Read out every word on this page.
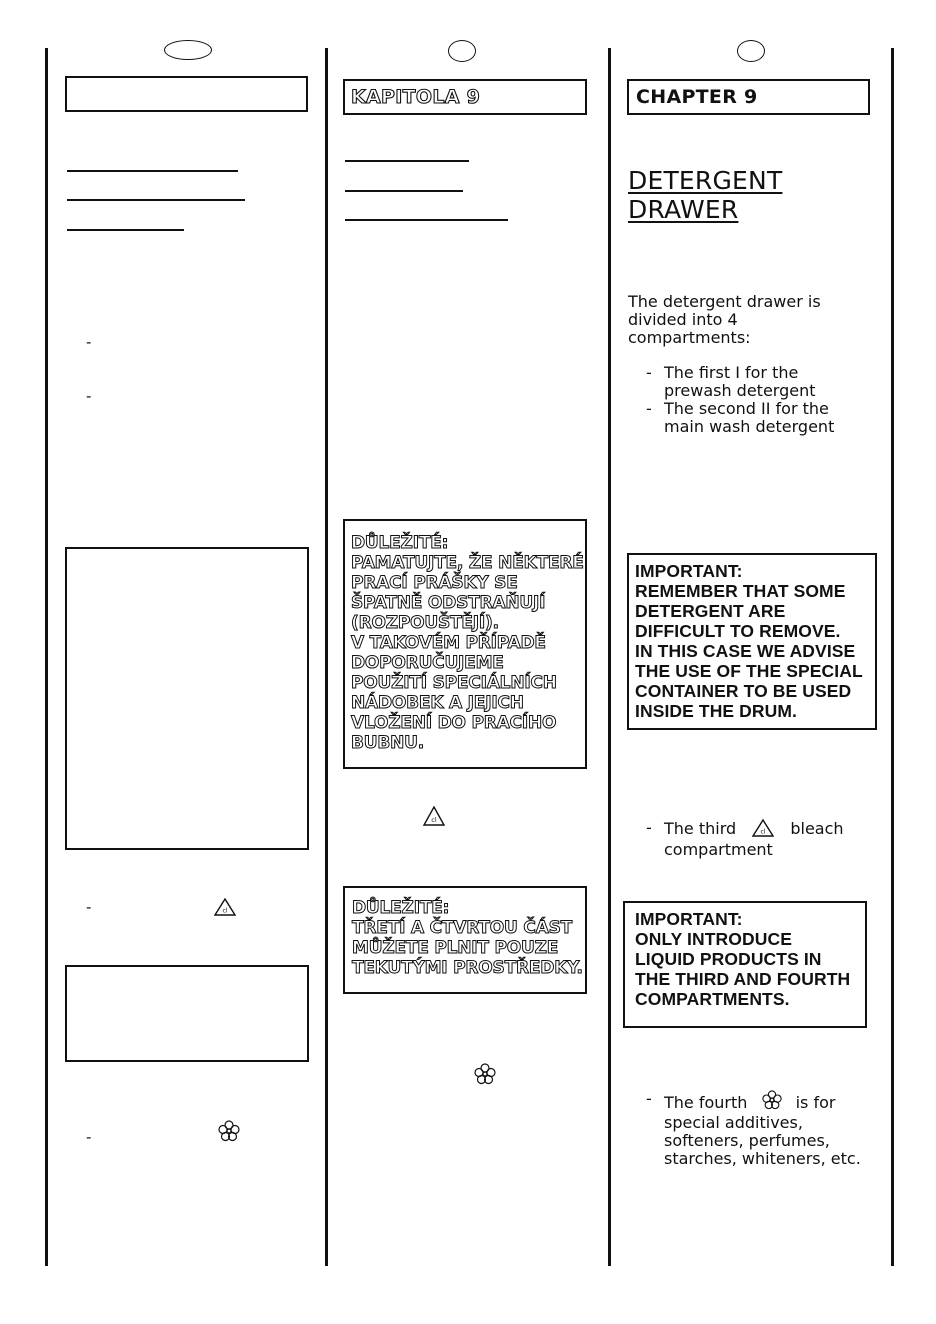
-
-
-	cl
-
KAPITOLA 9
DŮLEŽITÉ:
PAMATUJTE, ŽE NĚKTERÉ
PRACÍ PRÁŠKY SE
ŠPATNĚ ODSTRAŇUJÍ
(ROZPOUŠTĚJÍ).
V TAKOVÉM PŘÍPADĚ
DOPORUČUJEME
POUŽITÍ SPECIÁLNÍCH
NÁDOBEK A JEJICH
VLOŽENÍ DO PRACÍHO
BUBNU.
cl
DŮLEŽITÉ:
TŘETÍ A ČTVRTOU ČÁST
MŮŽETE PLNIT POUZE
TEKUTÝMI PROSTŘEDKY.
CHAPTER 9
DETERGENT
DRAWER
The detergent drawer is
divided into 4
compartments:
- The first I for the
prewash detergent
- The second II for the
main wash detergent
IMPORTANT:
REMEMBER THAT SOME
DETERGENT ARE
DIFFICULT TO REMOVE.
IN THIS CASE WE ADVISE
THE USE OF THE SPECIAL
CONTAINER TO BE USED
INSIDE THE DRUM.
- The third	cl bleach
compartment
IMPORTANT:
ONLY INTRODUCE
LIQUID PRODUCTS IN
THE THIRD AND FOURTH
COMPARTMENTS.
- The fourth	is for
special additives,
softeners, perfumes,
starches, whiteners, etc.
